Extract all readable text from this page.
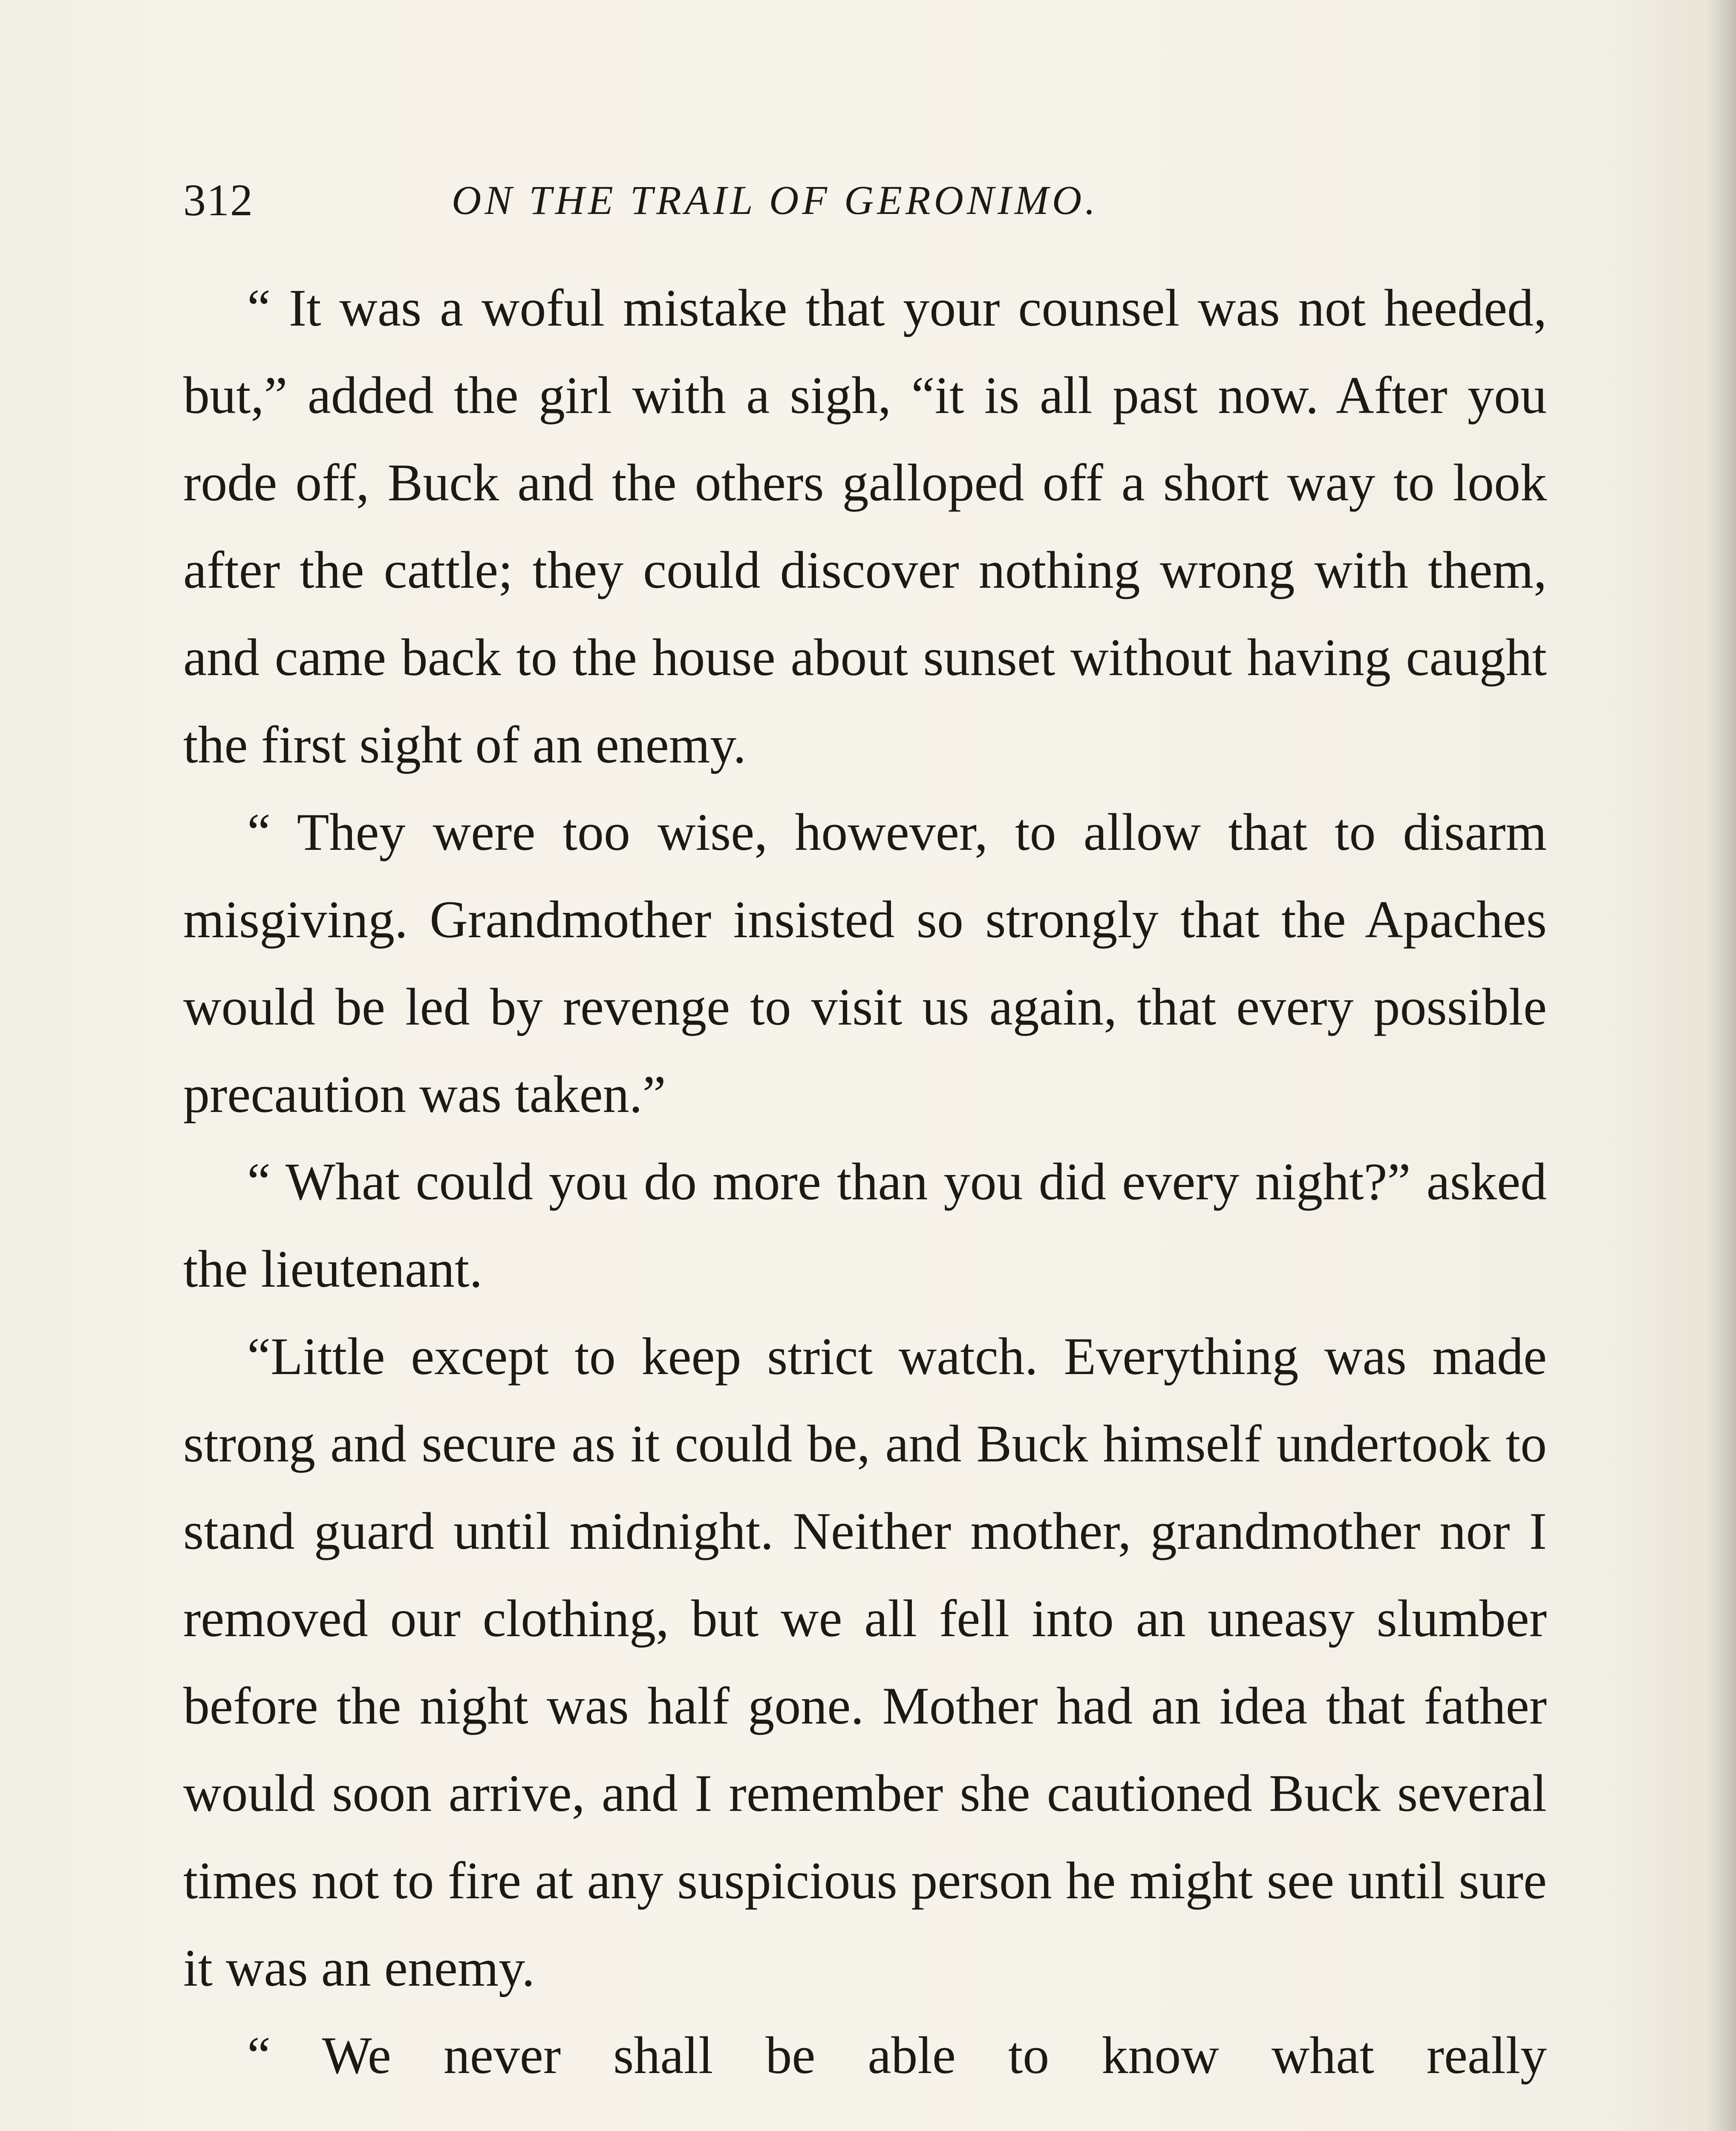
312	ON THE TRAIL OF GERONIMO.

“ It was a woful mistake that your counsel was not heeded, but,” added the girl with a sigh, “it is all past now. After you rode off, Buck and the others galloped off a short way to look after the cattle; they could discover nothing wrong with them, and came back to the house about sunset without having caught the first sight of an enemy.

“ They were too wise, however, to allow that to disarm misgiving. Grandmother insisted so strongly that the Apaches would be led by revenge to visit us again, that every possible precaution was taken.”

“ What could you do more than you did every night?” asked the lieutenant.

“Little except to keep strict watch. Everything was made strong and secure as it could be, and Buck himself undertook to stand guard until midnight. Neither mother, grandmother nor I removed our clothing, but we all fell into an uneasy slumber before the night was half gone. Mother had an idea that father would soon arrive, and I remember she cautioned Buck several times not to fire at any suspicious person he might see until sure it was an enemy.

“ We never shall be able to know what really
